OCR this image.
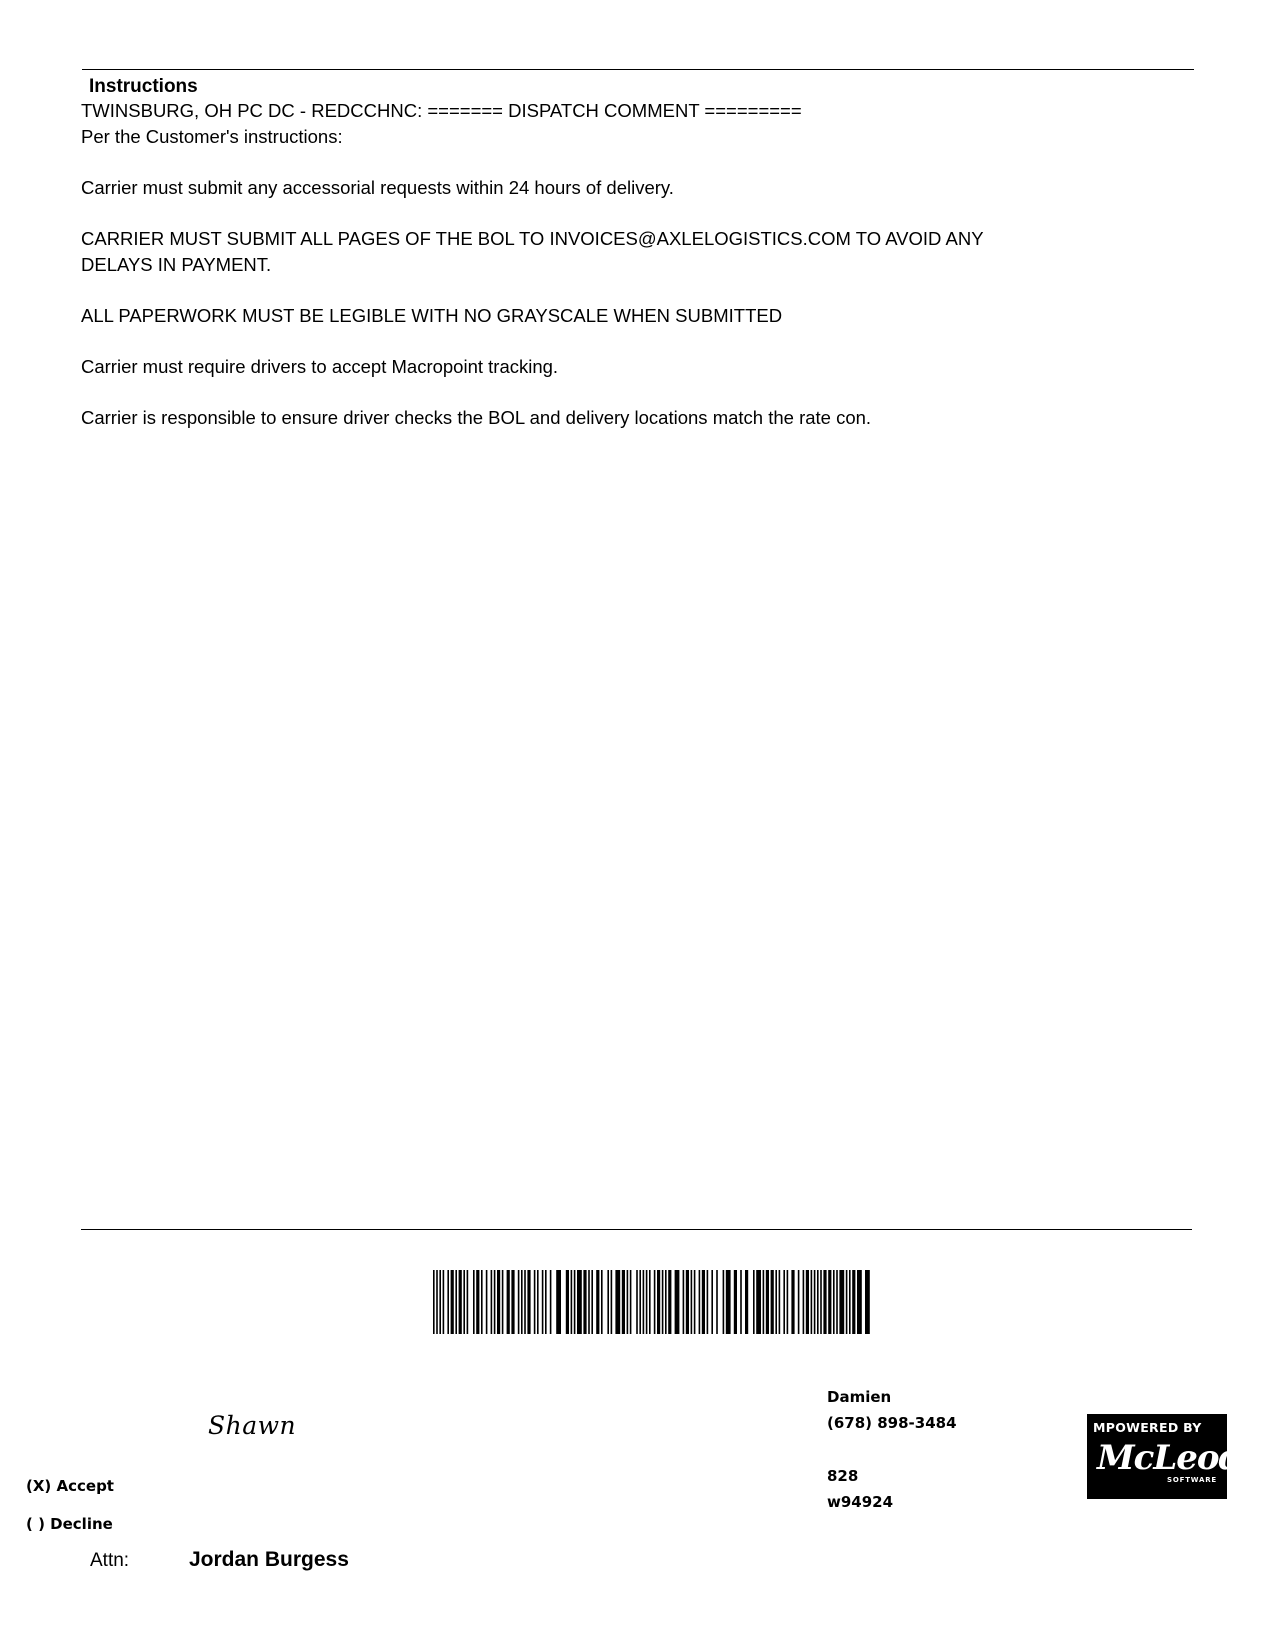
Instructions
TWINSBURG, OH PC DC - REDCCHNC: ======= DISPATCH COMMENT =========
Per the Customer's instructions:
Carrier must submit any accessorial requests within 24 hours of delivery.
CARRIER MUST SUBMIT ALL PAGES OF THE BOL TO INVOICES@AXLELOGISTICS.COM TO AVOID ANY
DELAYS IN PAYMENT.
ALL PAPERWORK MUST BE LEGIBLE WITH NO GRAYSCALE WHEN SUBMITTED
Carrier must require drivers to accept Macropoint tracking.
Carrier is responsible to ensure driver checks the BOL and delivery locations match the rate con.
Shawn
(X) Accept
( ) Decline
Attn:	Jordan Burgess
Damien
(678) 898-3484
828
w94924
MPOWERED BY
McLeod
SOFTWARE
